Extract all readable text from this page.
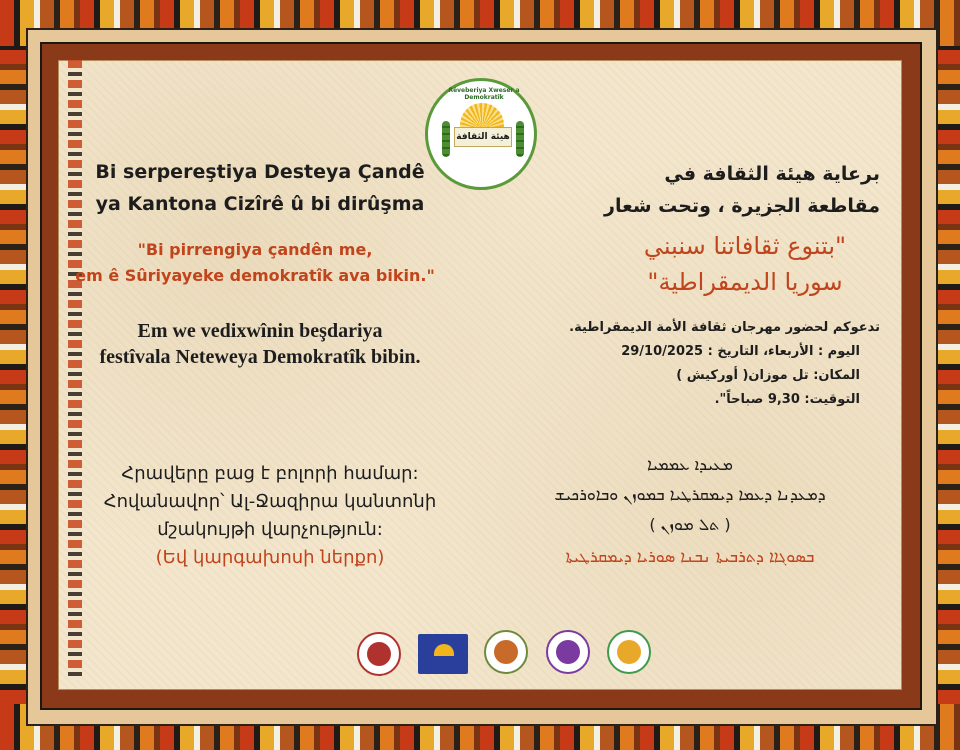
Rêveberiya Xweser a Demokratîk
هيئة الثقافة

Bi serpereştiya Desteya Çandê

ya Kantona Cizîrê û bi dirûşma

"Bi pirrengiya çandên me,

em ê Sûriyayeke demokratîk ava bikin."

Em we vedixwînin beşdariya

festîvala Neteweya Demokratîk bibin.

برعاية هيئة الثقافة في

مقاطعة الجزيرة ، وتحت شعار

"بتنوع ثقافاتنا سنبني

سوريا الديمقراطية"

تدعوكم لحضور مهرجان ثقافة الأمة الديمقراطية.

اليوم : الأربعاء، التاريخ : 29/10/2025

المكان: تل موزان( أوركيش )

التوقيت: 9,30 صباحاً".

Հրավերը բաց է բոլորի համար:

Հովանավոր՝ Ալ-Ջազիրա կանտոնի

մշակույթի վարչություն:

(Եվ կարգախոսի ներքո)

ܡܥܝܕܐ ܥܡܡܝܐ

ܕܡܥܕܢܐ ܕܥܡܐ ܕܝܡܩܪܛܝܐ ܒܡܘܙܢ ܘܒܐܘܪܟܝܫ

( ܬܠ ܡܘܙܢ )

ܒܣܘܓܐܐ ܕܬܪܒܝܬܐ ܢܒܢܐ ܣܘܪܝܐ ܕܝܡܩܪܛܝܬܐ
